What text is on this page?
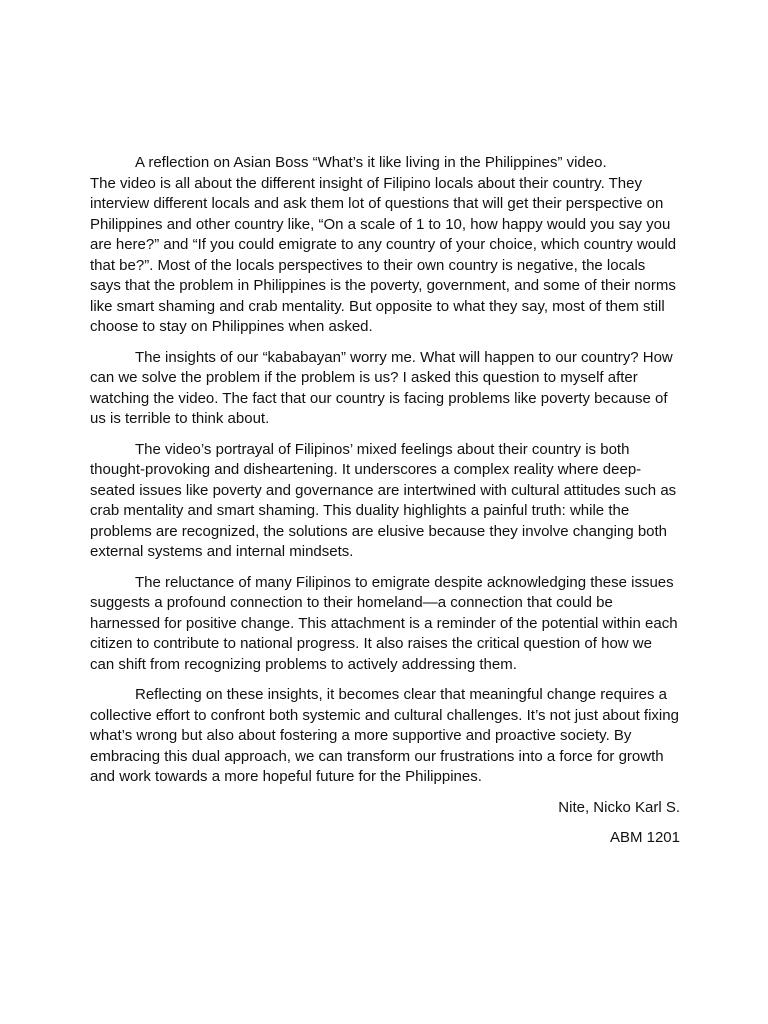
A reflection on Asian Boss “What’s it like living in the Philippines” video.

The video is all about the different insight of Filipino locals about their country. They interview different locals and ask them lot of questions that will get their perspective on Philippines and other country like, “On a scale of 1 to 10, how happy would you say you are here?” and “If you could emigrate to any country of your choice, which country would that be?”. Most of the locals perspectives to their own country is negative, the locals says that the problem in Philippines is the poverty, government, and some of their norms like smart shaming and crab mentality. But opposite to what they say, most of them still choose to stay on Philippines when asked.

The insights of our “kababayan” worry me. What will happen to our country? How can we solve the problem if the problem is us? I asked this question to myself after watching the video. The fact that our country is facing problems like poverty because of us is terrible to think about.

The video’s portrayal of Filipinos’ mixed feelings about their country is both thought-provoking and disheartening. It underscores a complex reality where deep-seated issues like poverty and governance are intertwined with cultural attitudes such as crab mentality and smart shaming. This duality highlights a painful truth: while the problems are recognized, the solutions are elusive because they involve changing both external systems and internal mindsets.

The reluctance of many Filipinos to emigrate despite acknowledging these issues suggests a profound connection to their homeland—a connection that could be harnessed for positive change. This attachment is a reminder of the potential within each citizen to contribute to national progress. It also raises the critical question of how we can shift from recognizing problems to actively addressing them.

Reflecting on these insights, it becomes clear that meaningful change requires a collective effort to confront both systemic and cultural challenges. It’s not just about fixing what’s wrong but also about fostering a more supportive and proactive society. By embracing this dual approach, we can transform our frustrations into a force for growth and work towards a more hopeful future for the Philippines.

Nite, Nicko Karl S.

ABM 1201
